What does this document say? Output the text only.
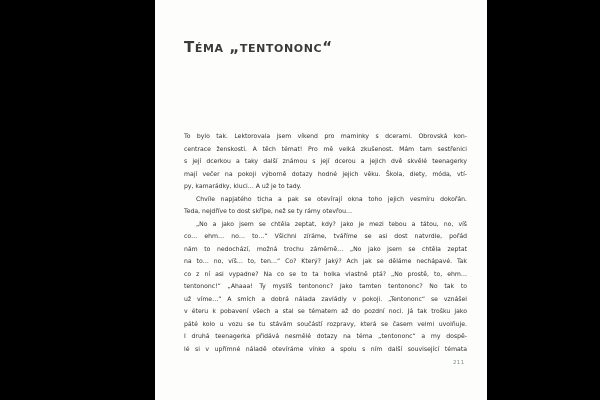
Téma „tentononc“
To bylo tak. Lektorovala jsem víkend pro maminky s dcerami. Obrovská kon-
centrace ženskosti. A těch témat! Pro mě velká zkušenost. Mám tam sestřenici
s její dcerkou a taky další známou s její dcerou a jejich dvě skvělé teenagerky
mají večer na pokoji výborně dotazy hodné jejich věku. Škola, diety, móda, vtí-
py, kamarádky, kluci… A už je to tady.
Chvíle napjatého ticha a pak se otevírají okna toho jejich vesmíru dokořán.
Teda, nejdříve to dost skřípe, než se ty rámy otevřou…
„No a jako jsem se chtěla zeptat, kdy? jako je mezi tebou a tátou, no, víš
co… ehm… no… to…“ Všichni zíráme, tváříme se asi dost natvrdle, pořád
nám to nedochází, možná trochu záměrně… „No jako jsem se chtěla zeptat
na to… no, víš… to, ten…“ Co? Který? Jaký? Ach jak se děláme nechápavé. Tak
co z ní asi vypadne? Na co se to ta holka vlastně ptá? „No prostě, to, ehm…
tentononc!“ „Ahaaa! Ty myslíš tentononc? Jako tamten tentononc? No tak to
už víme…“ A smích a dobrá nálada zavládly v pokoji. „Tentononc“ se vznášel
v éteru k pobavení všech a stal se tématem až do pozdní noci. Já tak trošku jako
páté kolo u vozu se tu stávám součástí rozpravy, která se časem velmi uvolňuje.
I druhá teenagerka přidává nesmělé dotazy na téma „tentononc“ a my dospě-
lé si v upřímné náladě otevíráme vínko a spolu s ním další související témata
211
